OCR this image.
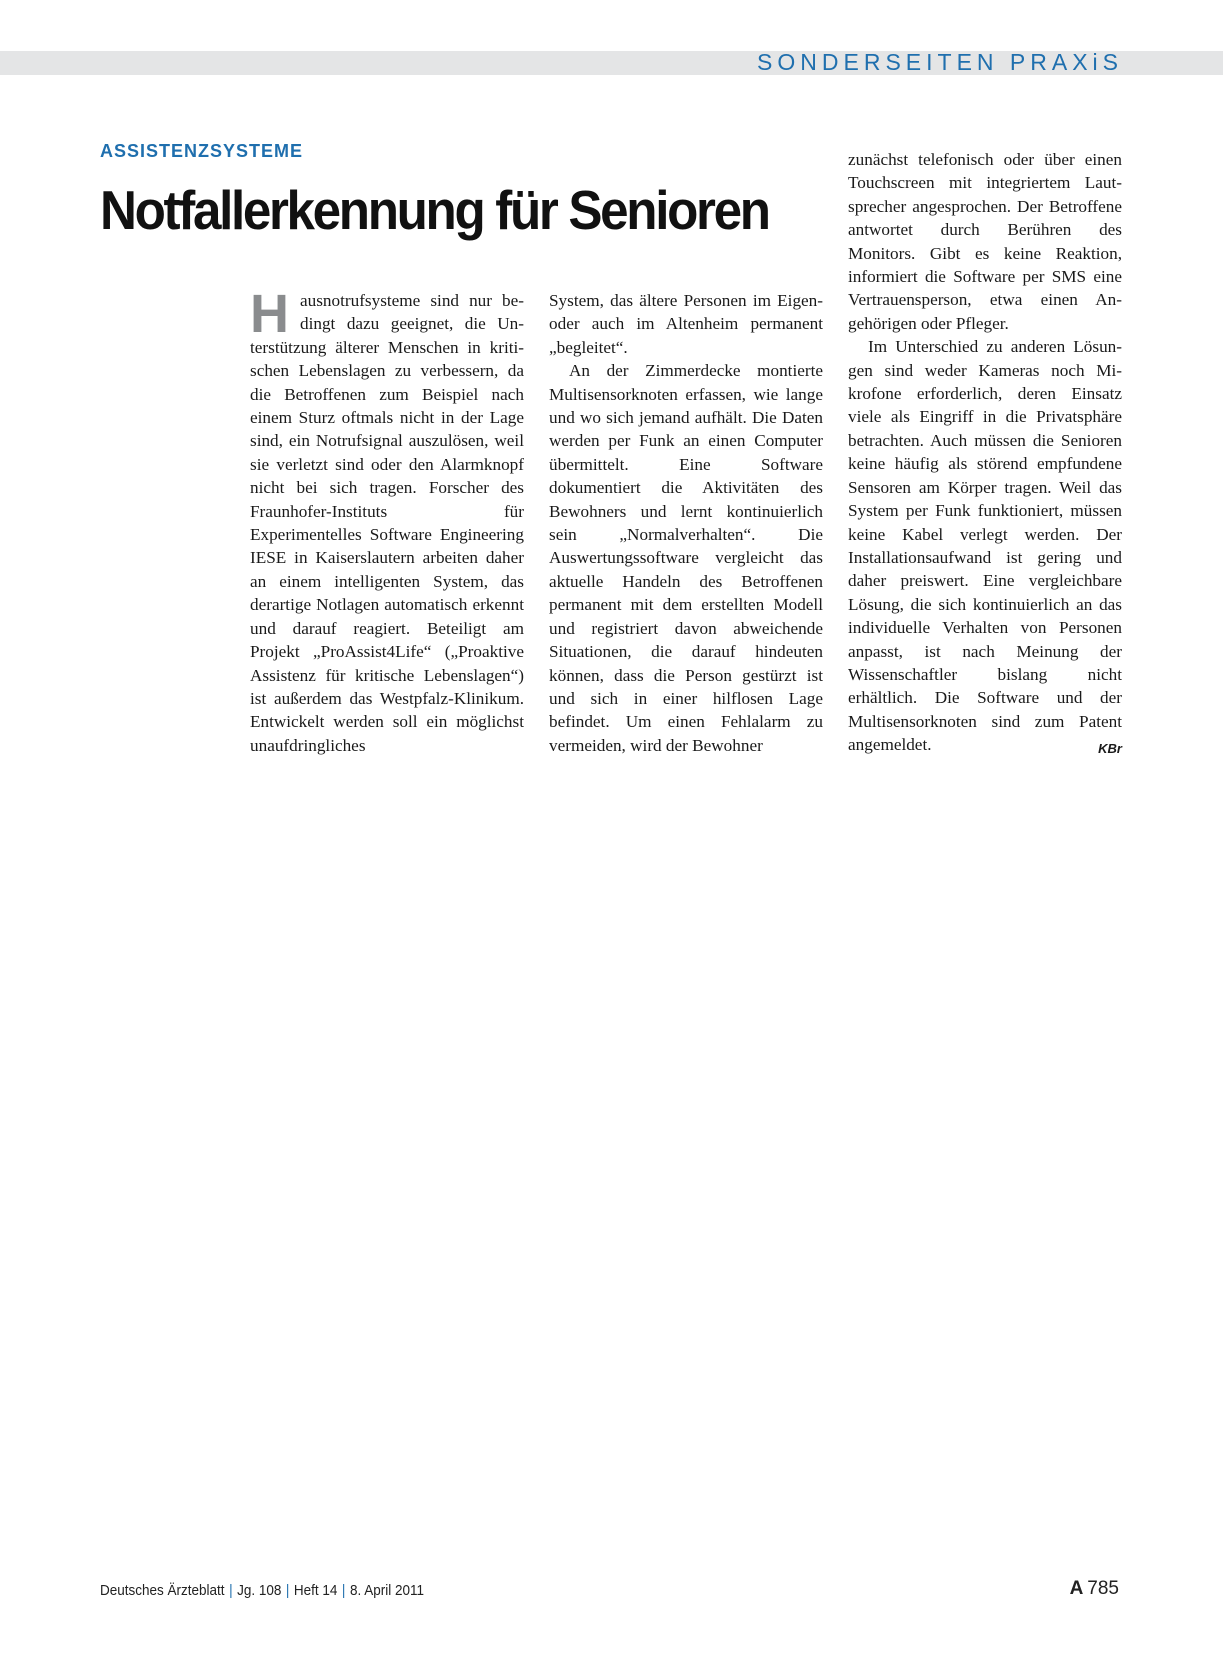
SONDERSEITEN PRAXiS
ASSISTENZSYSTEME
Notfallerkennung für Senioren

H ausnotrufsysteme sind nur bedingt dazu geeignet, die Unterstützung älterer Menschen in kritischen Lebenslagen zu verbessern, da die Betroffenen zum Beispiel nach einem Sturz oftmals nicht in der Lage sind, ein Notrufsignal auszulösen, weil sie verletzt sind oder den Alarmknopf nicht bei sich tragen. Forscher des Fraunhofer-Instituts für Experimentelles Software Engineering IESE in Kaiserslautern arbeiten daher an einem intelligenten System, das derartige Notlagen automatisch erkennt und darauf reagiert. Beteiligt am Projekt „ProAssist4Life“ („Proaktive Assistenz für kritische Lebenslagen“) ist außerdem das Westpfalz-Klinikum. Entwickelt werden soll ein möglichst unaufdringliches

System, das ältere Personen im Eigen- oder auch im Altenheim permanent „begleitet“.

An der Zimmerdecke montierte Multisensorknoten erfassen, wie lange und wo sich jemand aufhält. Die Daten werden per Funk an einen Computer übermittelt. Eine Software dokumentiert die Aktivitäten des Bewohners und lernt kontinuierlich sein „Normalverhalten“. Die Auswertungssoftware vergleicht das aktuelle Handeln des Betroffenen permanent mit dem erstellten Modell und registriert davon abweichende Situationen, die darauf hindeuten können, dass die Person gestürzt ist und sich in einer hilflosen Lage befindet. Um einen Fehlalarm zu vermeiden, wird der Bewohner

zunächst telefonisch oder über einen Touchscreen mit integriertem Lautsprecher angesprochen. Der Betroffene antwortet durch Berühren des Monitors. Gibt es keine Reaktion, informiert die Software per SMS eine Vertrauensperson, etwa einen Angehörigen oder Pfleger.

Im Unterschied zu anderen Lösungen sind weder Kameras noch Mikrofone erforderlich, deren Einsatz viele als Eingriff in die Privatsphäre betrachten. Auch müssen die Senioren keine häufig als störend empfundene Sensoren am Körper tragen. Weil das System per Funk funktioniert, müssen keine Kabel verlegt werden. Der Installationsaufwand ist gering und daher preiswert. Eine vergleichbare Lösung, die sich kontinuierlich an das individuelle Verhalten von Personen anpasst, ist nach Meinung der Wissenschaftler bislang nicht erhältlich. Die Software und der Multisensorknoten sind zum Patent angemeldet.	KBr

Deutsches Ärzteblatt | Jg. 108 | Heft 14 | 8. April 2011	A 785
